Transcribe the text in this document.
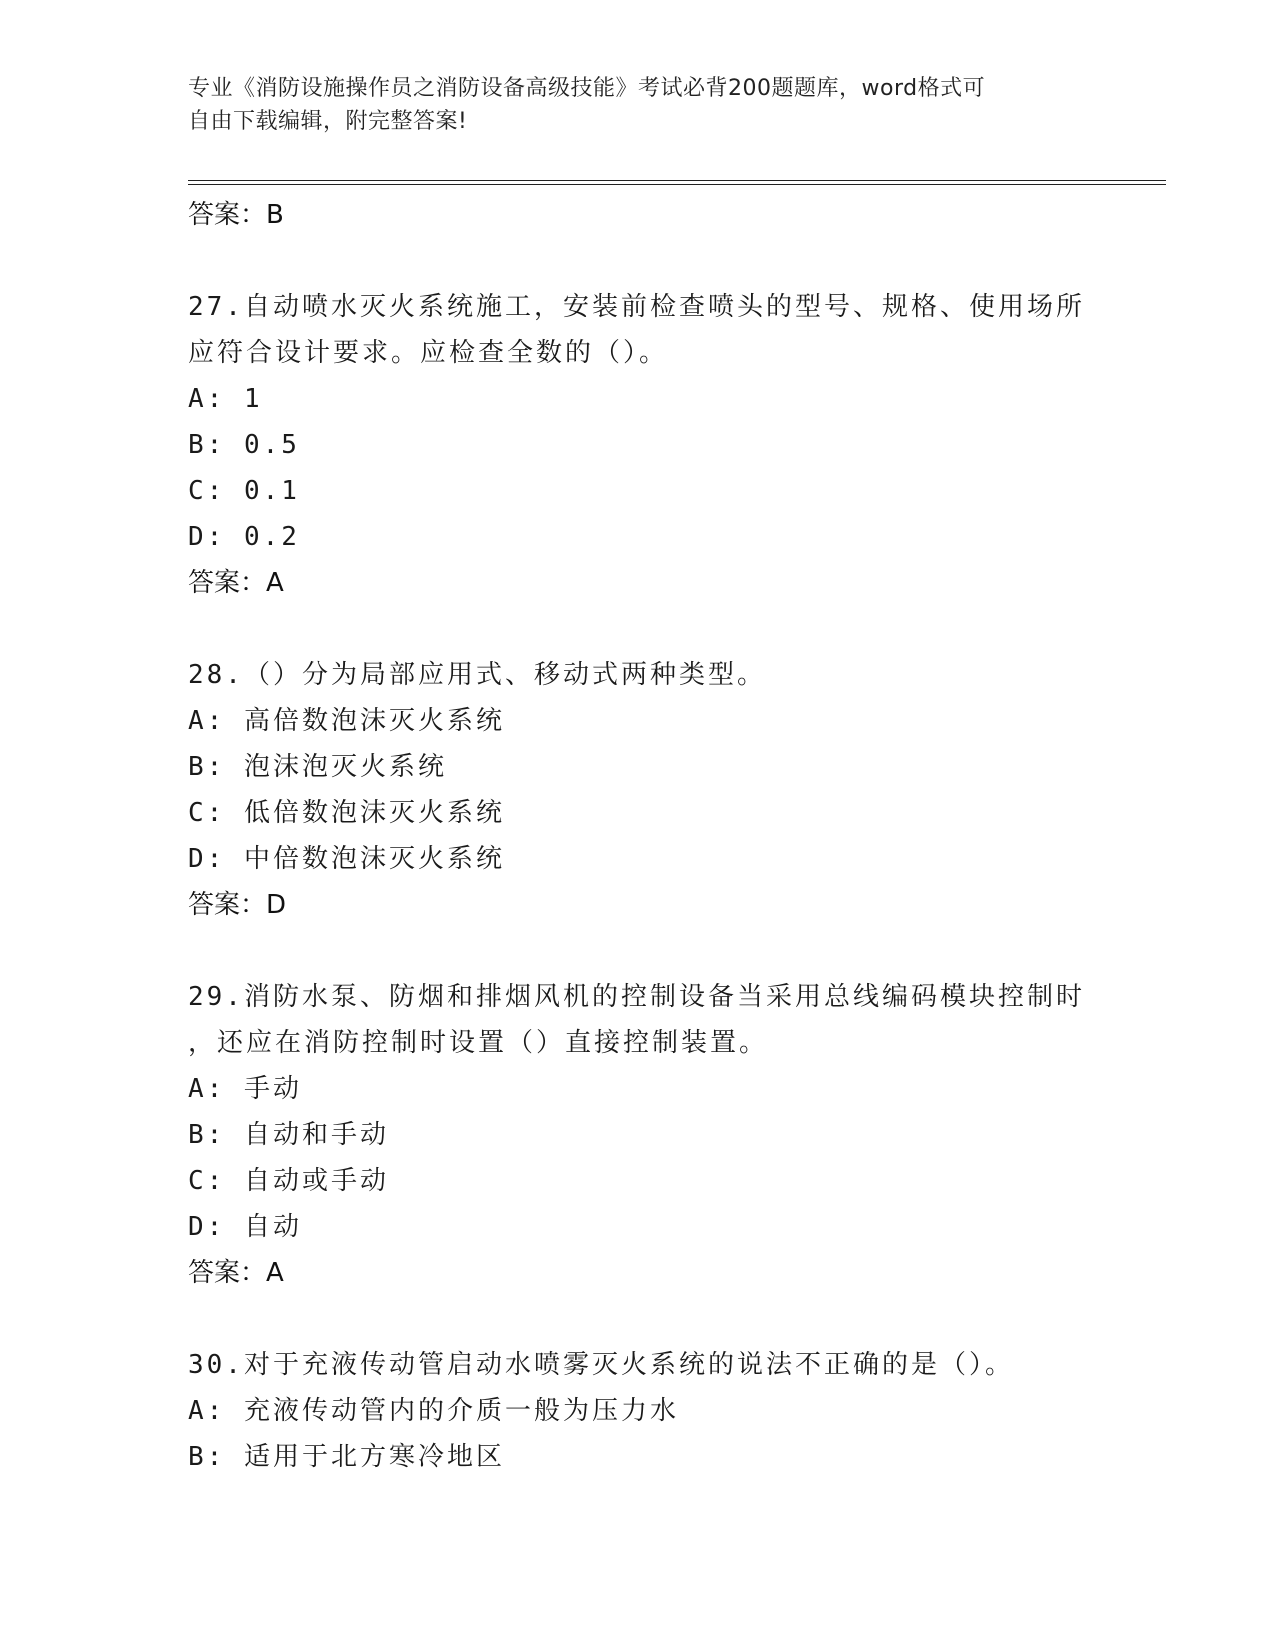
专业《消防设施操作员之消防设备高级技能》考试必背200题题库，word格式可
自由下载编辑，附完整答案!
答案：B
27.自动喷水灭火系统施工，安装前检查喷头的型号、规格、使用场所
应符合设计要求。应检查全数的（）。
A : 1
B : 0.5
C : 0.1
D : 0.2
答案：A
28.（）分为局部应用式、移动式两种类型。
A : 高倍数泡沫灭火系统
B : 泡沫泡灭火系统
C : 低倍数泡沫灭火系统
D : 中倍数泡沫灭火系统
答案：D
29.消防水泵、防烟和排烟风机的控制设备当采用总线编码模块控制时
，还应在消防控制时设置（）直接控制装置。
A : 手动
B : 自动和手动
C : 自动或手动
D : 自动
答案：A
30.对于充液传动管启动水喷雾灭火系统的说法不正确的是（）。
A : 充液传动管内的介质一般为压力水
B : 适用于北方寒冷地区
